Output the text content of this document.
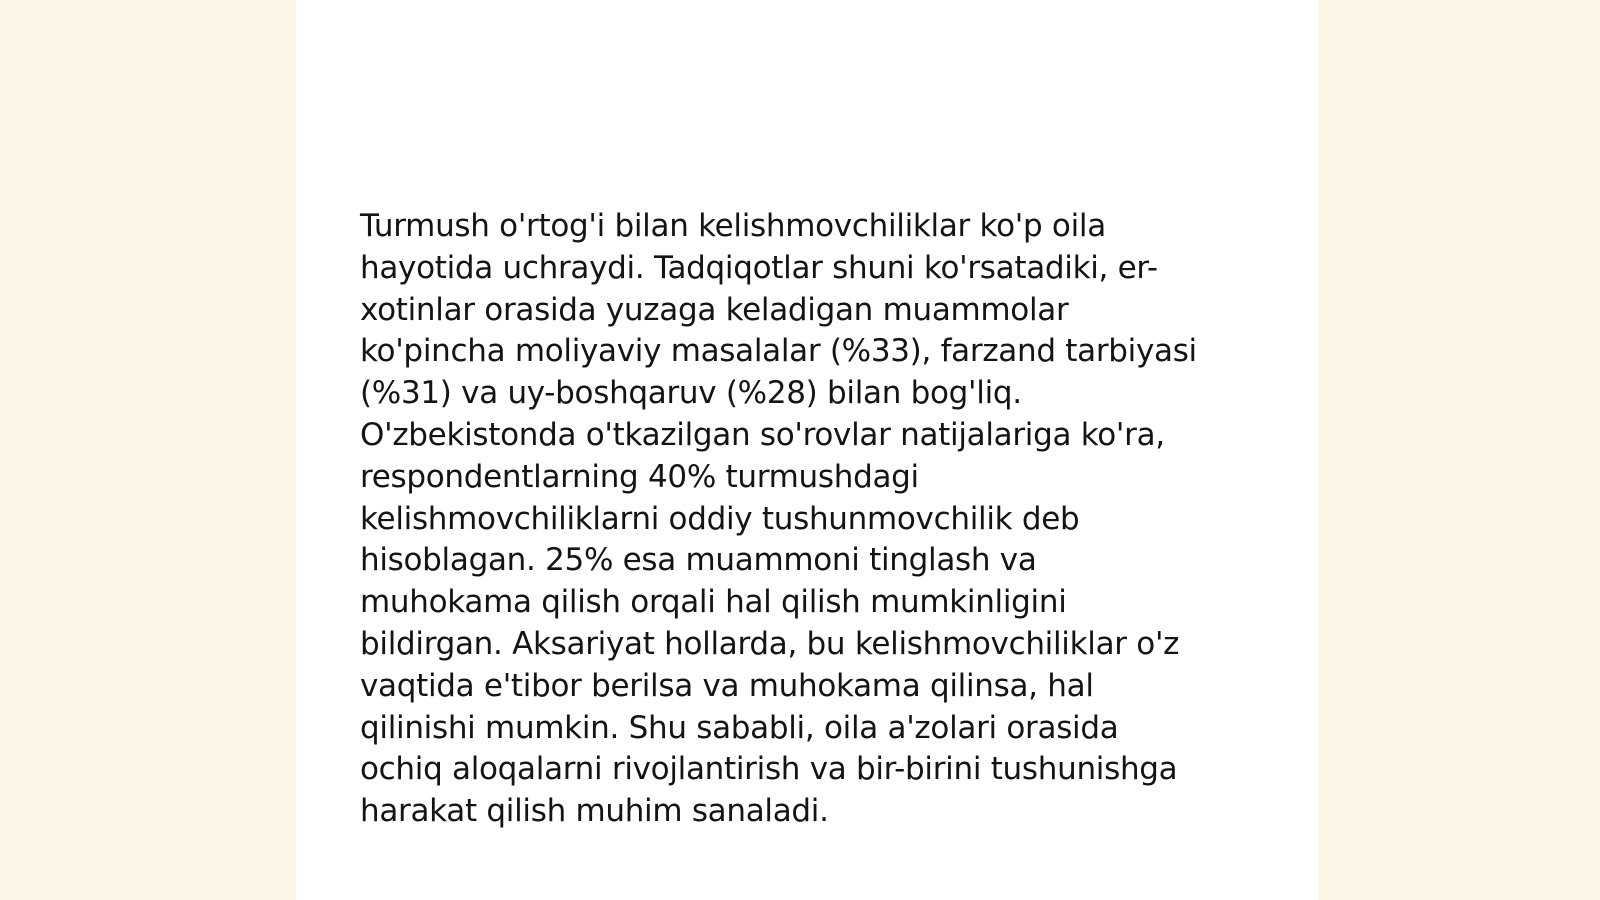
Turmush o'rtog'i bilan kelishmovchiliklar ko'p oila
hayotida uchraydi. Tadqiqotlar shuni ko'rsatadiki, er-
xotinlar orasida yuzaga keladigan muammolar
ko'pincha moliyaviy masalalar (%33), farzand tarbiyasi
(%31) va uy-boshqaruv (%28) bilan bog'liq.
O'zbekistonda o'tkazilgan so'rovlar natijalariga ko'ra,
respondentlarning 40% turmushdagi
kelishmovchiliklarni oddiy tushunmovchilik deb
hisoblagan. 25% esa muammoni tinglash va
muhokama qilish orqali hal qilish mumkinligini
bildirgan. Aksariyat hollarda, bu kelishmovchiliklar o'z
vaqtida e'tibor berilsa va muhokama qilinsa, hal
qilinishi mumkin. Shu sababli, oila a'zolari orasida
ochiq aloqalarni rivojlantirish va bir-birini tushunishga
harakat qilish muhim sanaladi.
